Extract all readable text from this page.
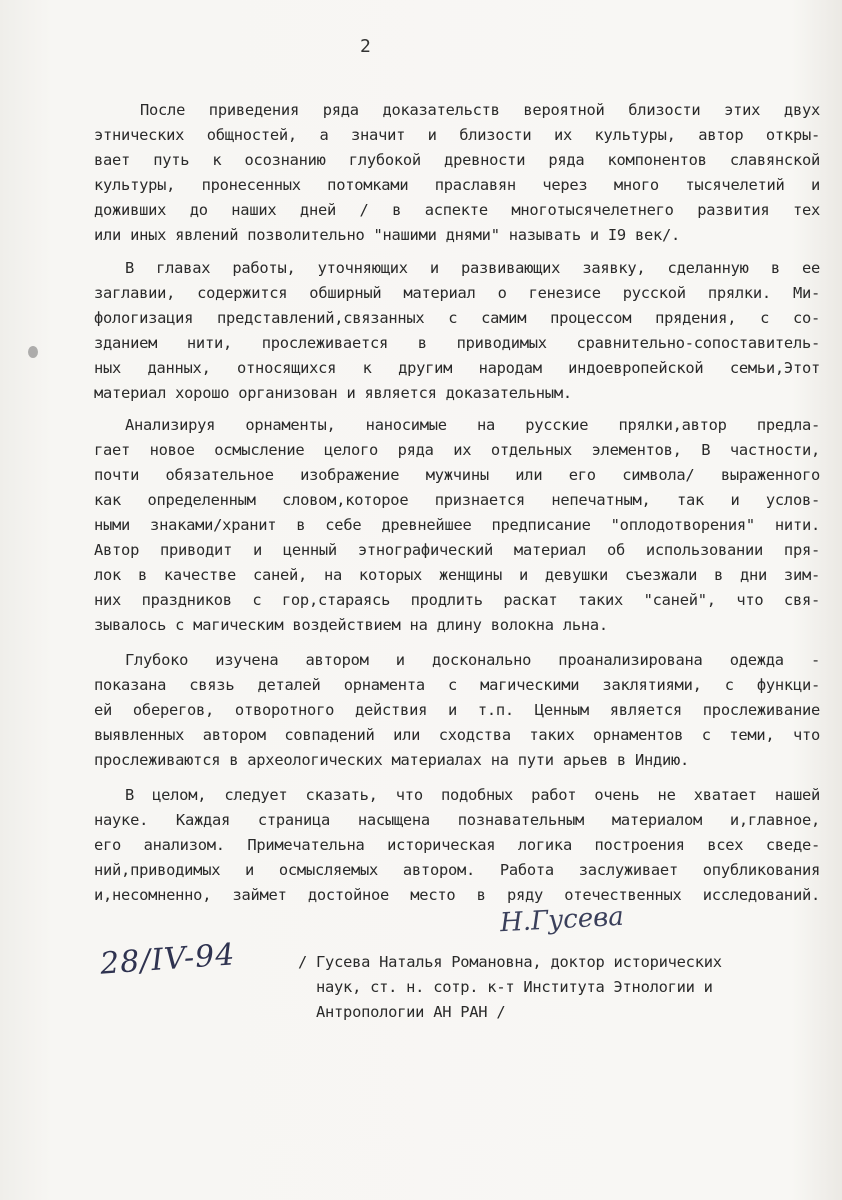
2
После приведения ряда доказательств вероятной близости этих двух
этнических общностей, а значит и близости их культуры, автор откры-
вает путь к осознанию глубокой древности ряда компонентов славянской
культуры, пронесенных потомками праславян через много тысячелетий и
доживших до наших дней / в аспекте многотысячелетнего развития тех
или иных явлений позволительно "нашими днями" называть и I9 век/.
В главах работы, уточняющих и развивающих заявку, сделанную в ее
заглавии, содержится обширный материал о генезисе русской прялки. Ми-
фологизация представлений,связанных с самим процессом прядения, с со-
зданием нити, прослеживается в приводимых сравнительно-сопоставитель-
ных данных, относящихся к другим народам индоевропейской семьи,Этот
материал хорошо организован и является доказательным.
Анализируя орнаменты, наносимые на русские прялки,автор предла-
гает новое осмысление целого ряда их отдельных элементов, В частности,
почти обязательное изображение мужчины или его символа/ выраженного
как определенным словом,которое признается непечатным, так и услов-
ными знаками/хранит в себе древнейшее предписание "оплодотворения" нити.
Автор приводит и ценный этнографический материал об использовании пря-
лок в качестве саней, на которых женщины и девушки съезжали в дни зим-
них праздников с гор,стараясь продлить раскат таких "саней", что свя-
зывалось с магическим воздействием на длину волокна льна.
Глубоко изучена автором и досконально проанализирована одежда -
показана связь деталей орнамента с магическими заклятиями, с функци-
ей оберегов, отворотного действия и т.п. Ценным является прослеживание
выявленных автором совпадений или сходства таких орнаментов с теми, что
прослеживаются в археологических материалах на пути арьев в Индию.
В целом, следует сказать, что подобных работ очень не хватает нашей
науке. Каждая страница насыщена познавательным материалом и,главное,
его анализом. Примечательна историческая логика построения всех сведе-
ний,приводимых и осмысляемых автором. Работа заслуживает опубликования
и,несомненно, займет достойное место в ряду отечественных исследований.
Н.Гусева
28/IV-94	/ Гусева Наталья Романовна, доктор исторических
наук, ст. н. сотр. к-т Института Этнологии и
Антропологии АН РАН /
